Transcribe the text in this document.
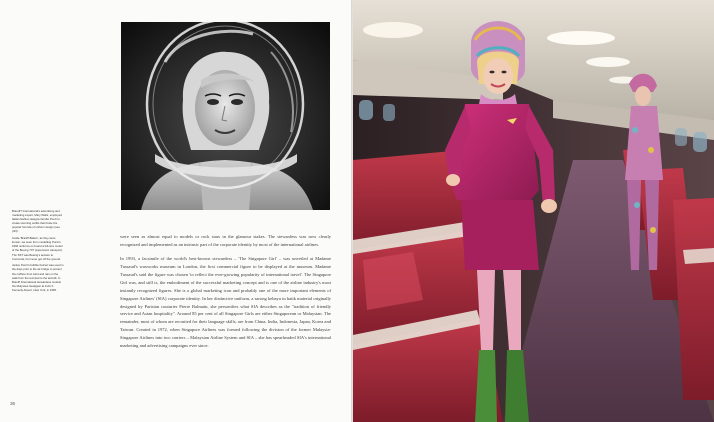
BrandIT International's advertising and marketing expert, Mary Wells, employed Italian fashion designer Emilio Pucci to create stunning outfits that broke the popular formula of uniform design (see p33).

Inside 'Braniff Babes', as they were known, we seen from modelling Pucci's 1966 uniforms on board a full-size model of the Boeing 707 (supersonic transport). The SST was Boeing's answer to Concorde, but never got off the ground.

Janice Pucci's bubble helmet was used in the days prior to the air bridge to protect the coiffure from wind and rain on the walk from the terminal to the aircraft. In Braniff International stewardess models the Mulysses headgear at John F. Kennedy Airport, New York, in 1965.

were seen as almost equal to models or rock stars in the glamour stakes. The stewardess was now clearly recognized and implemented as an intrinsic part of the corporate identity by most of the international airlines.

In 1993, a facsimile of the world's best-known stewardess – 'The Singapore Girl' – was unveiled at Madame Tussaud's waxworks museum in London, the first commercial figure to be displayed at the museum. Madame Tussaud's said the figure was chosen 'to reflect the ever-growing popularity of international travel'. The Singapore Girl was, and still is, the embodiment of the successful marketing concept and is one of the airline industry's most instantly recognized figures. She is a global marketing icon and probably one of the more important elements of Singapore Airlines' (SIA) corporate identity. In her distinctive uniform, a sarong kebaya in batik material originally designed by Parisian couturier Pierre Balmain, she personifies what SIA describes as the "tradition of friendly service and Asian hospitality". Around 85 per cent of all Singapore Girls are either Singaporean or Malaysian. The remainder, most of whom are recruited for their language skills, are from China, India, Indonesia, Japan, Korea and Taiwan. Created in 1972, when Singapore Airlines was formed following the division of the former Malaysia-Singapore Airlines into two carriers – Malaysian Airline System and SIA – she has spearheaded SIA's international marketing and advertising campaigns ever since.

36
